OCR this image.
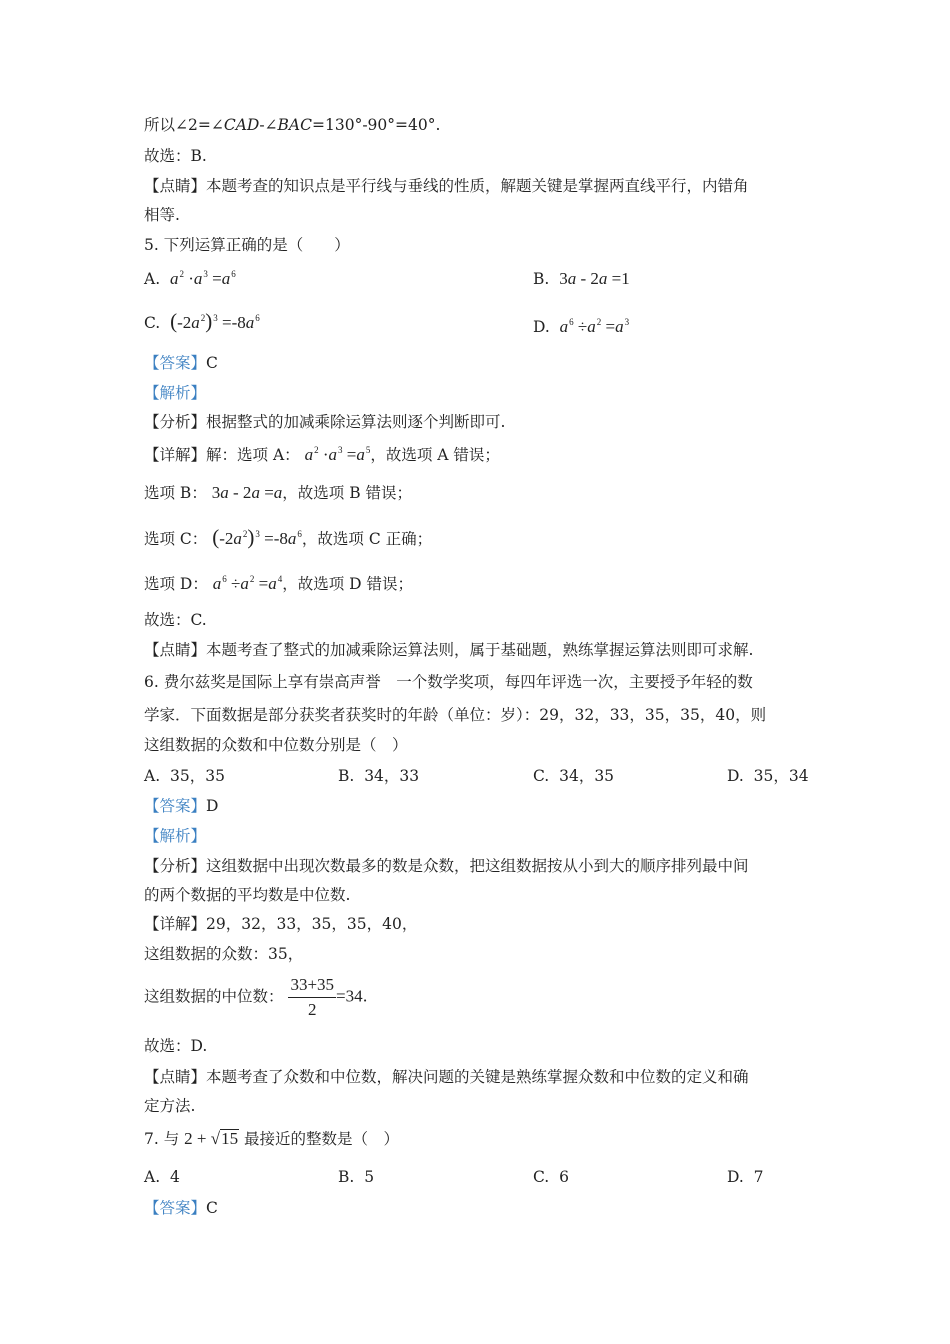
所以∠2=∠CAD-∠BAC=130°-90°=40°.
故选：B.
【点睛】本题考查的知识点是平行线与垂线的性质，解题关键是掌握两直线平行，内错角
相等.
5. 下列运算正确的是（　　）
A. $a^2 \cdot a^3 =a^6$	B. 3a - 2a =1
C. $(-2a^2)^3 =-8a^6$	D. $a^6 \div a^2 =a^3$
【答案】C
【解析】
【分析】根据整式的加减乘除运算法则逐个判断即可.
【详解】解：选项 A： $a^2 \cdot a^3 =a^5$，故选项 A 错误；
选项 B： 3a - 2a =a，故选项 B 错误；
选项 C： $(-2a^2)^3 =-8a^6$，故选项 C 正确；
选项 D： $a^6 \div a^2 =a^4$，故选项 D 错误；
故选：C.
【点睛】本题考查了整式的加减乘除运算法则，属于基础题，熟练掌握运算法则即可求解.
6. 费尔兹奖是国际上享有崇高声誉　一个数学奖项，每四年评选一次，主要授予年轻的数
学家．下面数据是部分获奖者获奖时的年龄（单位：岁）：29，32，33，35，35，40，则
这组数据的众数和中位数分别是（　）
A. 35，35	B. 34，33	C. 34，35	D. 35，34
【答案】D
【解析】
【分析】这组数据中出现次数最多的数是众数，把这组数据按从小到大的顺序排列最中间
的两个数据的平均数是中位数.
【详解】29，32，33，35，35，40，
这组数据的众数：35，
这组数据的中位数： $\frac{33+35}{2} =34$.
故选：D.
【点睛】本题考查了众数和中位数，解决问题的关键是熟练掌握众数和中位数的定义和确
定方法.
7. 与 2 + √15 最接近的整数是（　）
A. 4	B. 5	C. 6	D. 7
【答案】C
